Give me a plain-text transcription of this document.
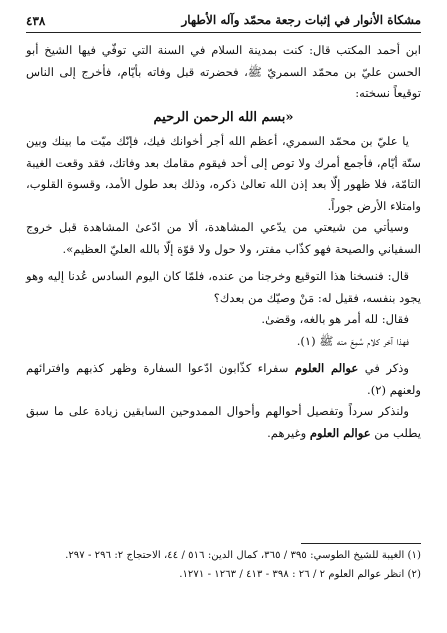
مشكاة الأنوار في إثبات رجعة محمّد وآله الأطهار
٤٣٨

ابن أحمد المكتب قال: كنت بمدينة السلام في السنة التي توفّي فيها الشيخ أبو الحسن عليّ بن محمّد السمريّ ﷺ، فحضرته قبل وفاته بأيّام، فأخرج إلى الناس توقيعاً نسخته:

«بسم الله الرحمن الرحيم

يا عليّ بن محمّد السمري، أعظم الله أجر أخوانك فيك، فإنّك ميّت ما بينك وبين ستّة أيّام، فأجمع أمرك ولا توص إلى أحد فيقوم مقامك بعد وفاتك، فقد وقعت الغيبة التامّة، فلا ظهور إلّا بعد إذن الله تعالىٰ ذكره، وذلك بعد طول الأمد، وقسوة القلوب، وامتلاء الأرض جوراً.

وسيأتي من شيعتي من يدّعي المشاهدة، ألا من ادّعىٰ المشاهدة قبل خروج السفياني والصيحة فهو كذّاب مفتر، ولا حول ولا قوّة إلّا بالله العليّ العظيم».

قال: فنسخنا هذا التوقيع وخرجنا من عنده، فلمّا كان اليوم السادس عُدنا إليه وهو يجود بنفسه، فقيل له: مَنْ وصيّك من بعدك؟

فقال: لله أمر هو بالغه، وقضىٰ.

فهذا آخر كلام سُمِعَ منه ﷺ (١).

وذكر في عوالم العلوم سفراء كذّابون ادّعوا السفارة وظهر كذبهم وافترائهم ولعنهم (٢).

ولنذكر سرداً وتفصيل أحوالهم وأحوال الممدوحين السابقين زيادة على ما سبق يطلب من عوالم العلوم وغيرهم.

(١) الغيبة للشيخ الطوسي: ٣٩٥ / ٣٦٥، كمال الدين: ٥١٦ / ٤٤، الاحتجاج ٢: ٢٩٦ - ٢٩٧.

(٢) انظر عوالم العلوم ٢ / ٢٦ : ٣٩٨ - ٤١٣ / ١٢٦٣ - ١٢٧١.
